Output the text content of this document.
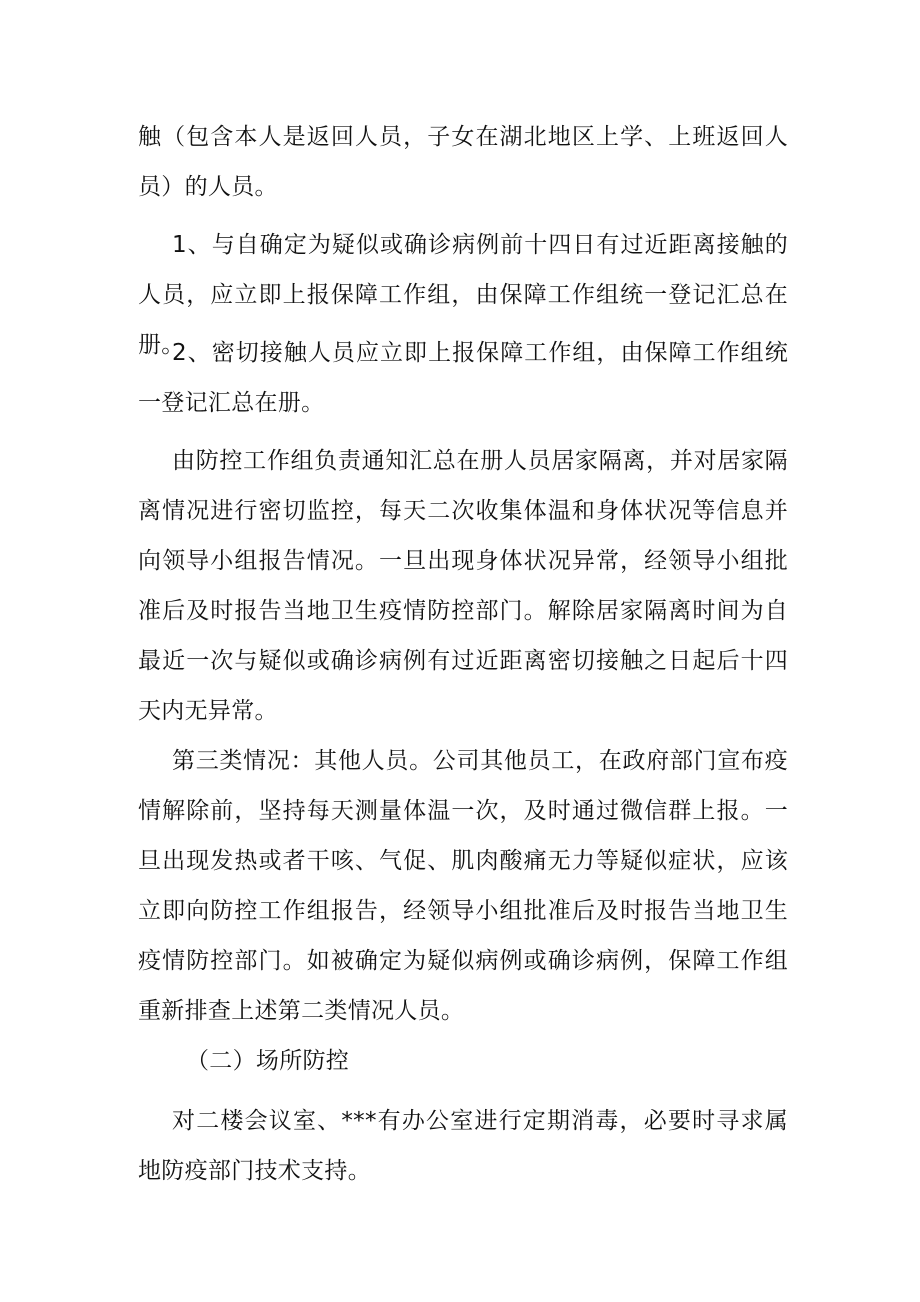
触（包含本人是返回人员，子女在湖北地区上学、上班返回人员）的人员。

1、与自确定为疑似或确诊病例前十四日有过近距离接触的人员，应立即上报保障工作组，由保障工作组统一登记汇总在册。

2、密切接触人员应立即上报保障工作组，由保障工作组统一登记汇总在册。

由防控工作组负责通知汇总在册人员居家隔离，并对居家隔离情况进行密切监控，每天二次收集体温和身体状况等信息并向领导小组报告情况。一旦出现身体状况异常，经领导小组批准后及时报告当地卫生疫情防控部门。解除居家隔离时间为自最近一次与疑似或确诊病例有过近距离密切接触之日起后十四天内无异常。

第三类情况：其他人员。公司其他员工，在政府部门宣布疫情解除前，坚持每天测量体温一次，及时通过微信群上报。一旦出现发热或者干咳、气促、肌肉酸痛无力等疑似症状，应该立即向防控工作组报告，经领导小组批准后及时报告当地卫生疫情防控部门。如被确定为疑似病例或确诊病例，保障工作组重新排查上述第二类情况人员。

（二）场所防控

对二楼会议室、***有办公室进行定期消毒，必要时寻求属地防疫部门技术支持。
